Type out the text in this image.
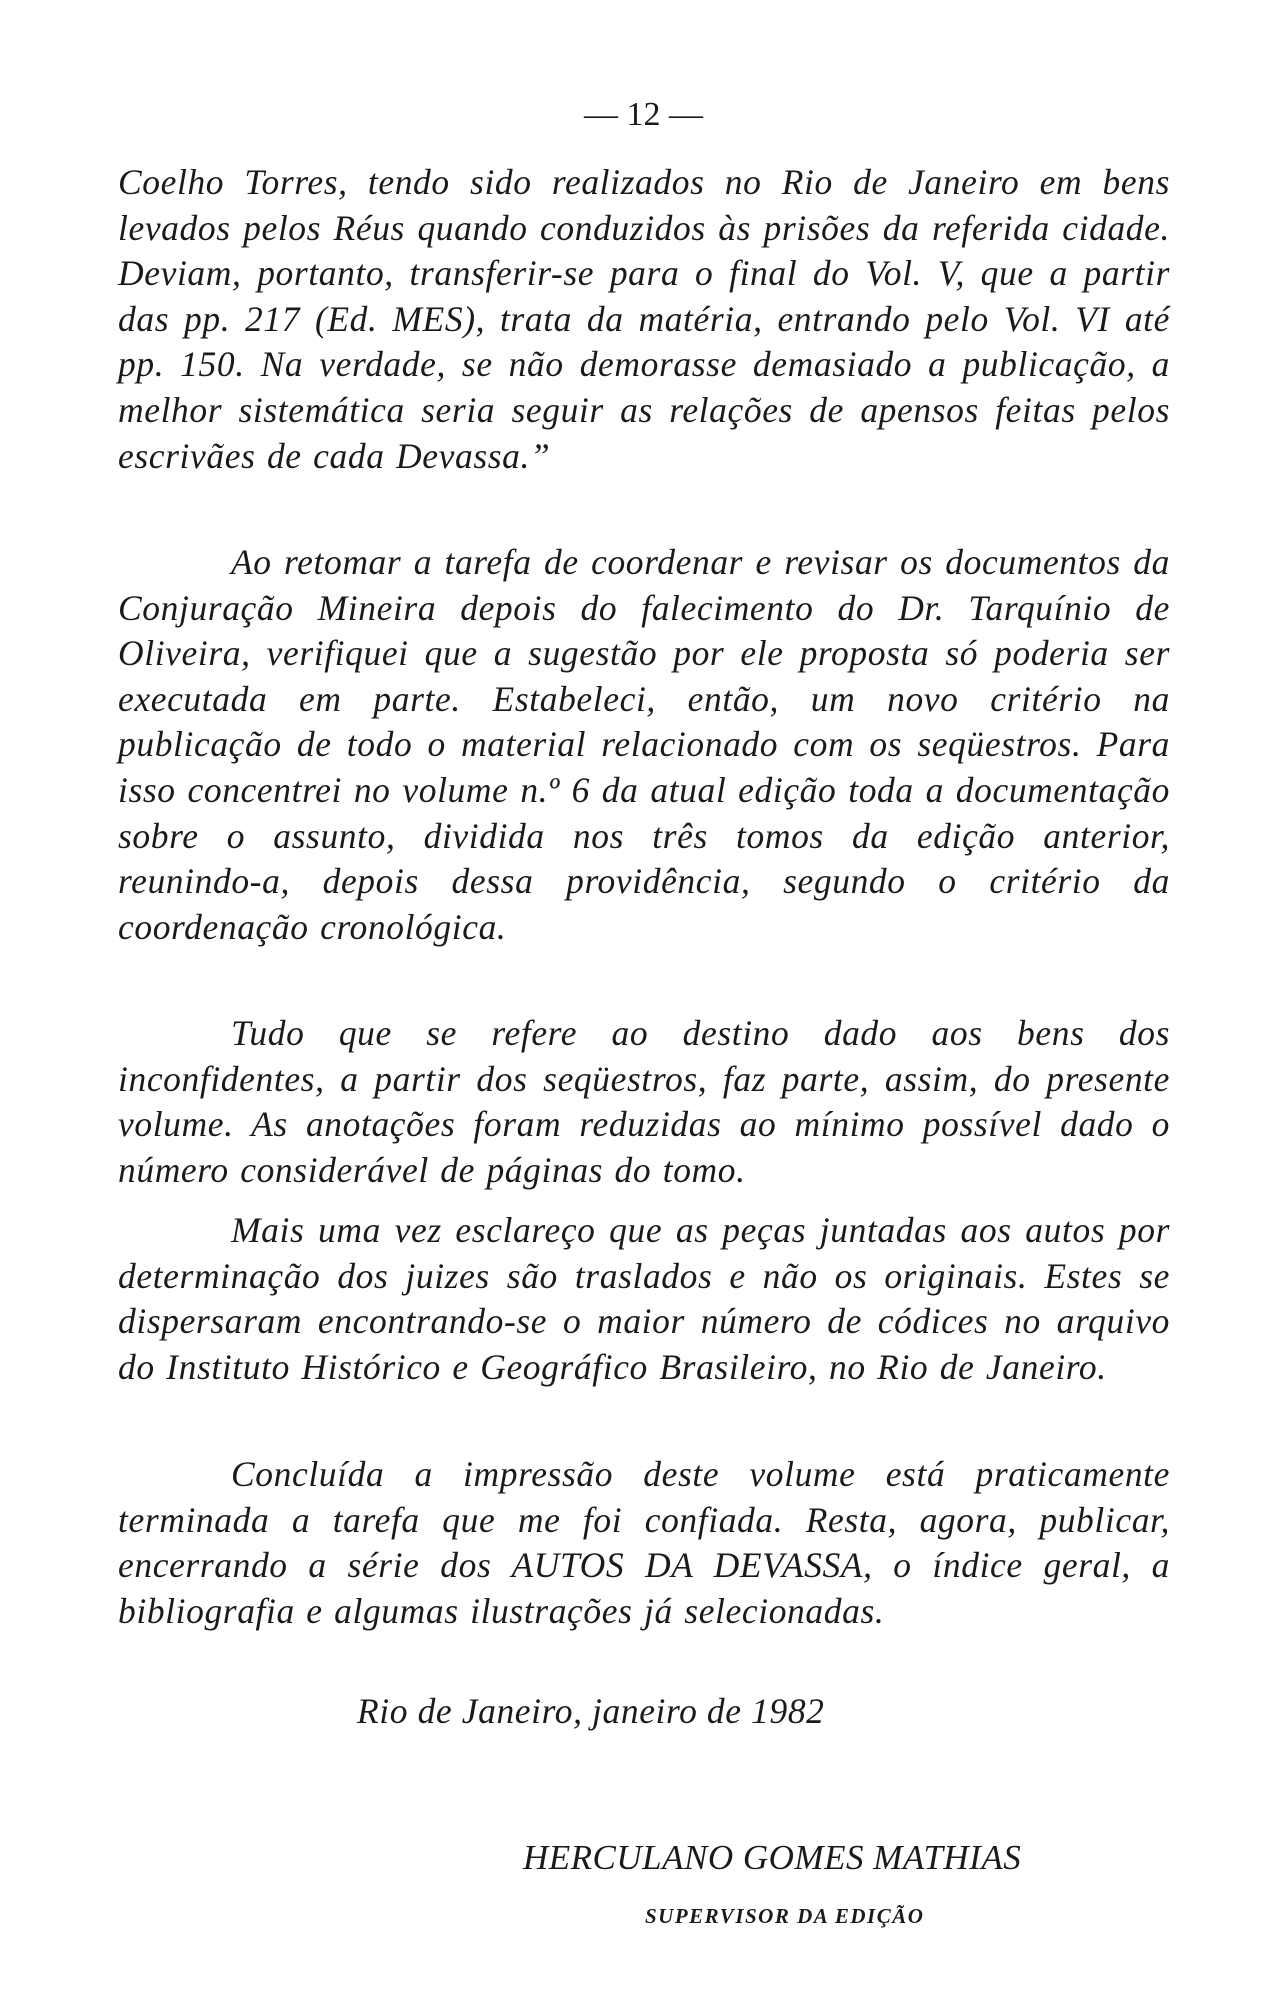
— 12 —

Coelho Torres, tendo sido realizados no Rio de Janeiro em bens levados pelos Réus quando conduzidos às prisões da referida cidade. Deviam, portanto, transferir-se para o final do Vol. V, que a partir das pp. 217 (Ed. MES), trata da matéria, entrando pelo Vol. VI até pp. 150. Na verdade, se não demorasse demasiado a publicação, a melhor sistemática seria seguir as relações de apensos feitas pelos escrivães de cada Devassa.”

Ao retomar a tarefa de coordenar e revisar os documentos da Conjuração Mineira depois do falecimento do Dr. Tarquínio de Oliveira, verifiquei que a sugestão por ele proposta só poderia ser executada em parte. Estabeleci, então, um novo critério na publicação de todo o material relacionado com os seqüestros. Para isso concentrei no volume n.º 6 da atual edição toda a documentação sobre o assunto, dividida nos três tomos da edição anterior, reunindo-a, depois dessa providência, segundo o critério da coordenação cronológica.

Tudo que se refere ao destino dado aos bens dos inconfidentes, a partir dos seqüestros, faz parte, assim, do presente volume. As anotações foram reduzidas ao mínimo possível dado o número considerável de páginas do tomo.

Mais uma vez esclareço que as peças juntadas aos autos por determinação dos juizes são traslados e não os originais. Estes se dispersaram encontrando-se o maior número de códices no arquivo do Instituto Histórico e Geográfico Brasileiro, no Rio de Janeiro.

Concluída a impressão deste volume está praticamente terminada a tarefa que me foi confiada. Resta, agora, publicar, encerrando a série dos AUTOS DA DEVASSA, o índice geral, a bibliografia e algumas ilustrações já selecionadas.

Rio de Janeiro, janeiro de 1982
HERCULANO GOMES MATHIAS
SUPERVISOR DA EDIÇÃO
